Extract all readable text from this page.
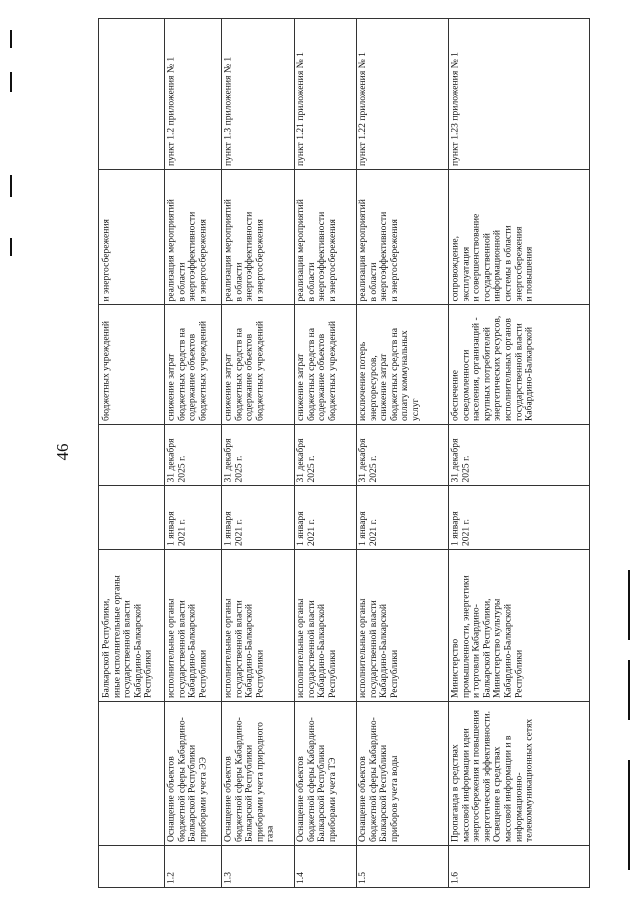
46
и энергосбережения
бюджетных учреждений
Балкарской Республики,
иные исполнительные органы
государственной власти
Кабардино-Балкарской
Республики
пункт 1.2 приложения № 1
реализация мероприятий
в области
энергоэффективности
и энергосбережения
снижение затрат
бюджетных средств на
содержание объектов
бюджетных учреждений
31 декабря
2025 г.
1 января
2021 г.
исполнительные органы
государственной власти
Кабардино-Балкарской
Республики
Оснащение объектов
бюджетной сферы Кабардино-
Балкарской Республики
приборами учета ЭЭ
1.2
пункт 1.3 приложения № 1
реализация мероприятий
в области
энергоэффективности
и энергосбережения
снижение затрат
бюджетных средств на
содержание объектов
бюджетных учреждений
31 декабря
2025 г.
1 января
2021 г.
исполнительные органы
государственной власти
Кабардино-Балкарской
Республики
Оснащение объектов
бюджетной сферы Кабардино-
Балкарской Республики
приборами учета природного
газа
1.3
пункт 1.21 приложения № 1
реализация мероприятий
в области
энергоэффективности
и энергосбережения
снижение затрат
бюджетных средств на
содержание объектов
бюджетных учреждений
31 декабря
2025 г.
1 января
2021 г.
исполнительные органы
государственной власти
Кабардино-Балкарской
Республики
Оснащение объектов
бюджетной сферы Кабардино-
Балкарской Республики
приборами учета ТЭ
1.4
пункт 1.22 приложения № 1
реализация мероприятий
в области
энергоэффективности
и энергосбережения
исключение потерь
энергоресурсов,
снижение затрат
бюджетных средств на
оплату коммунальных
услуг
31 декабря
2025 г.
1 января
2021 г.
исполнительные органы
государственной власти
Кабардино-Балкарской
Республики
Оснащение объектов
бюджетной сферы Кабардино-
Балкарской Республики
приборов учета воды
1.5
пункт 1.23 приложения № 1
сопровождение,
эксплуатация
и совершенствование
государственной
информационной
системы в области
энергосбережения
и повышения
обеспечение
осведомленности
населения, организаций -
крупных потребителей
энергетических ресурсов,
исполнительных органов
государственной власти
Кабардино-Балкарской
31 декабря
2025 г.
1 января
2021 г.
Министерство
промышленности, энергетики
и торговли Кабардино-
Балкарской Республики,
Министерство культуры
Кабардино-Балкарской
Республики
Пропаганда в средствах
массовой информации идеи
энергосбережения и повышения
энергетической эффективности.
Освещение в средствах
массовой информации и в
информационно-
телекоммуникационных сетях
1.6
